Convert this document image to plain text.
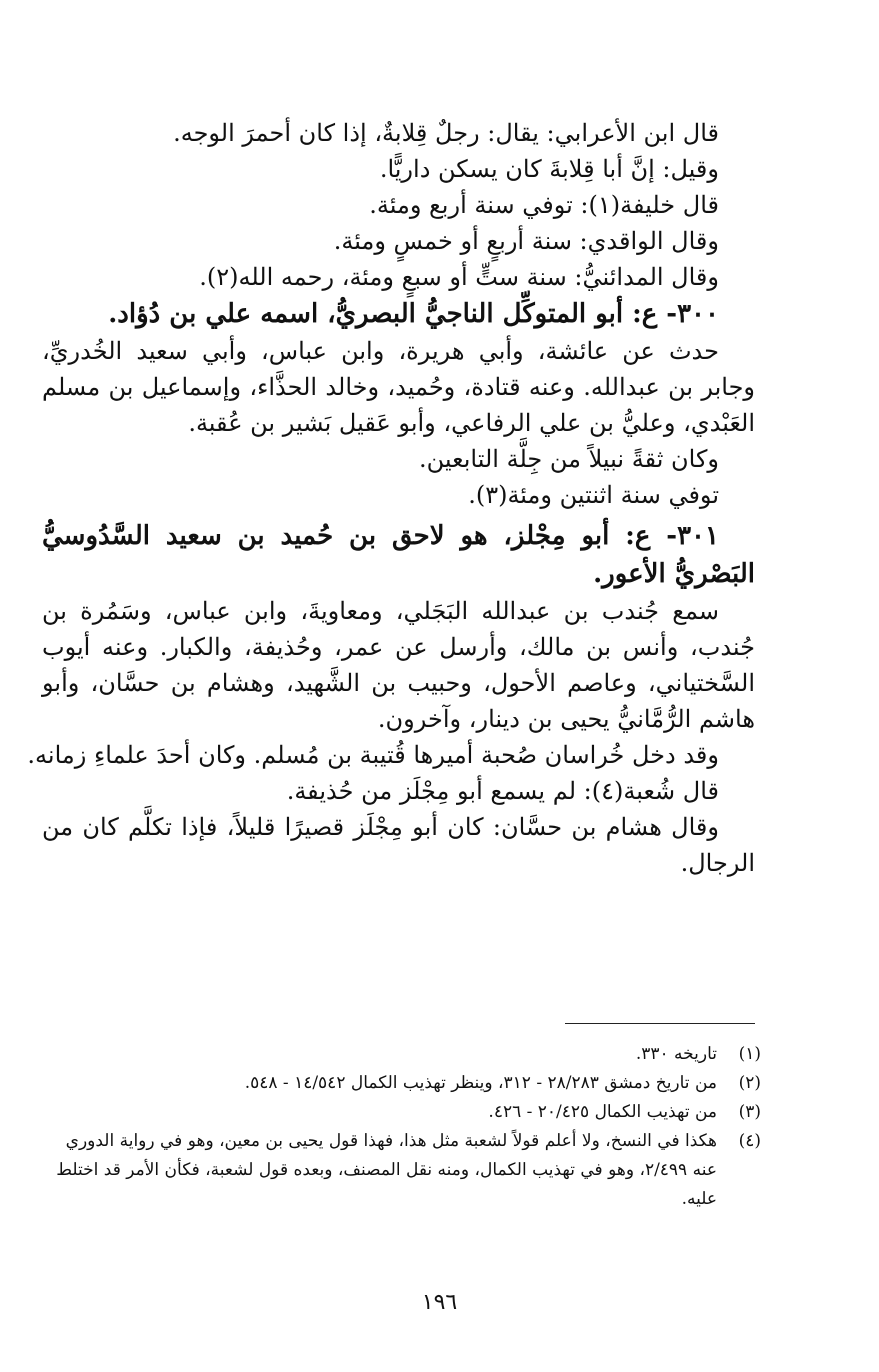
قال ابن الأعرابي: يقال: رجلٌ قِلابةٌ، إذا كان أحمرَ الوجه.
وقيل: إنَّ أبا قِلابةَ كان يسكن داريًّا.
قال خليفة(١): توفي سنة أربع ومئة.
وقال الواقدي: سنة أربعٍ أو خمسٍ ومئة.
وقال المدائنيُّ: سنة ستٍّ أو سبعٍ ومئة، رحمه الله(٢).
٣٠٠- ع: أبو المتوكِّل الناجيُّ البصريُّ، اسمه علي بن دُؤاد.
حدث عن عائشة، وأبي هريرة، وابن عباس، وأبي سعيد الخُدريِّ،
وجابر بن عبدالله. وعنه قتادة، وحُميد، وخالد الحذَّاء، وإسماعيل بن مسلم
العَبْدي، وعليُّ بن علي الرفاعي، وأبو عَقيل بَشير بن عُقبة.
وكان ثقةً نبيلاً من جِلَّة التابعين.
توفي سنة اثنتين ومئة(٣).
٣٠١- ع: أبو مِجْلز، هو لاحق بن حُميد بن سعيد السَّدُوسيُّ
البَصْريُّ الأعور.
سمع جُندب بن عبدالله البَجَلي، ومعاويةَ، وابن عباس، وسَمُرة بن
جُندب، وأنس بن مالك، وأرسل عن عمر، وحُذيفة، والكبار. وعنه أيوب
السَّختياني، وعاصم الأحول، وحبيب بن الشَّهيد، وهشام بن حسَّان، وأبو
هاشم الرُّمَّانيُّ يحيى بن دينار، وآخرون.
وقد دخل خُراسان صُحبة أميرها قُتيبة بن مُسلم. وكان أحدَ علماءِ زمانه.
قال شُعبة(٤): لم يسمع أبو مِجْلَز من حُذيفة.
وقال هشام بن حسَّان: كان أبو مِجْلَز قصيرًا قليلاً، فإذا تكلَّم كان من
الرجال.
(١)
تاريخه ٣٣٠.
(٢)
من تاريخ دمشق ٢٨/٢٨٣ - ٣١٢، وينظر تهذيب الكمال ١٤/٥٤٢ - ٥٤٨.
(٣)
من تهذيب الكمال ٢٠/٤٢٥ - ٤٢٦.
(٤)
هكذا في النسخ، ولا أعلم قولاً لشعبة مثل هذا، فهذا قول يحيى بن معين، وهو في رواية الدوري عنه ٢/٤٩٩، وهو في تهذيب الكمال، ومنه نقل المصنف، وبعده قول لشعبة، فكأن الأمر قد اختلط عليه.
١٩٦
